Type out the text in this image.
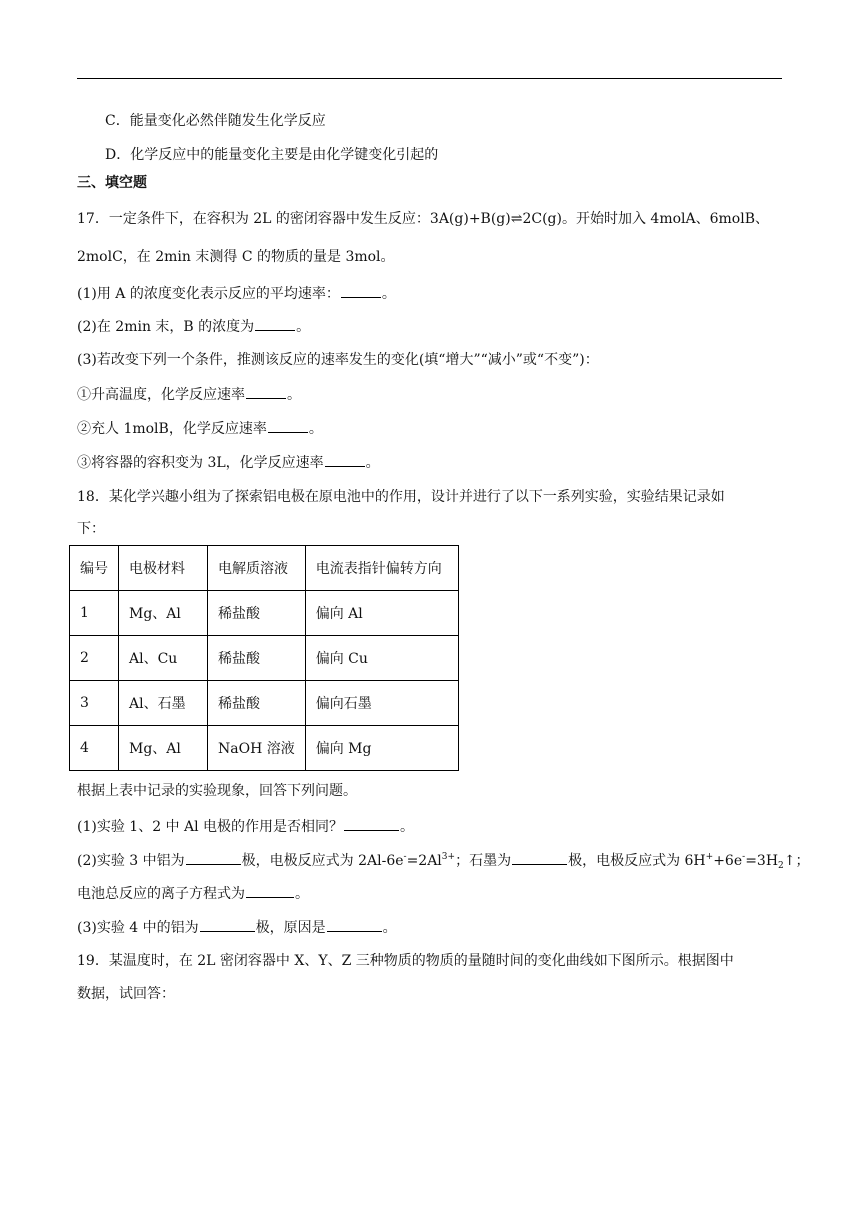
C．能量变化必然伴随发生化学反应
D．化学反应中的能量变化主要是由化学键变化引起的
三、填空题
17．一定条件下，在容积为 2L 的密闭容器中发生反应：3A(g)+B(g)⇌2C(g)。开始时加入 4molA、6molB、
2molC，在 2min 末测得 C 的物质的量是 3mol。
(1)用 A 的浓度变化表示反应的平均速率：	。
(2)在 2min 末，B 的浓度为	。
(3)若改变下列一个条件，推测该反应的速率发生的变化(填“增大”“减小”或“不变”)：
①升高温度，化学反应速率	。
②充人 1molB，化学反应速率	。
③将容器的容积变为 3L，化学反应速率	。
18．某化学兴趣小组为了探索铝电极在原电池中的作用，设计并进行了以下一系列实验，实验结果记录如
下：
编号	电极材料	电解质溶液	电流表指针偏转方向
1	Mg、Al	稀盐酸	偏向 Al
2	Al、Cu	稀盐酸	偏向 Cu
3	Al、石墨	稀盐酸	偏向石墨
4	Mg、Al	NaOH 溶液	偏向 Mg
根据上表中记录的实验现象，回答下列问题。
(1)实验 1、2 中 Al 电极的作用是否相同？	。
(2)实验 3 中铝为	极，电极反应式为 $2Al-6e^-=2Al^{3+}$；石墨为	极，电极反应式为 $6H^++6e^-=3H_2↑$；
电池总反应的离子方程式为	。
(3)实验 4 中的铝为	极，原因是	。
19．某温度时，在 2L 密闭容器中 X、Y、Z 三种物质的物质的量随时间的变化曲线如下图所示。根据图中
数据，试回答：
